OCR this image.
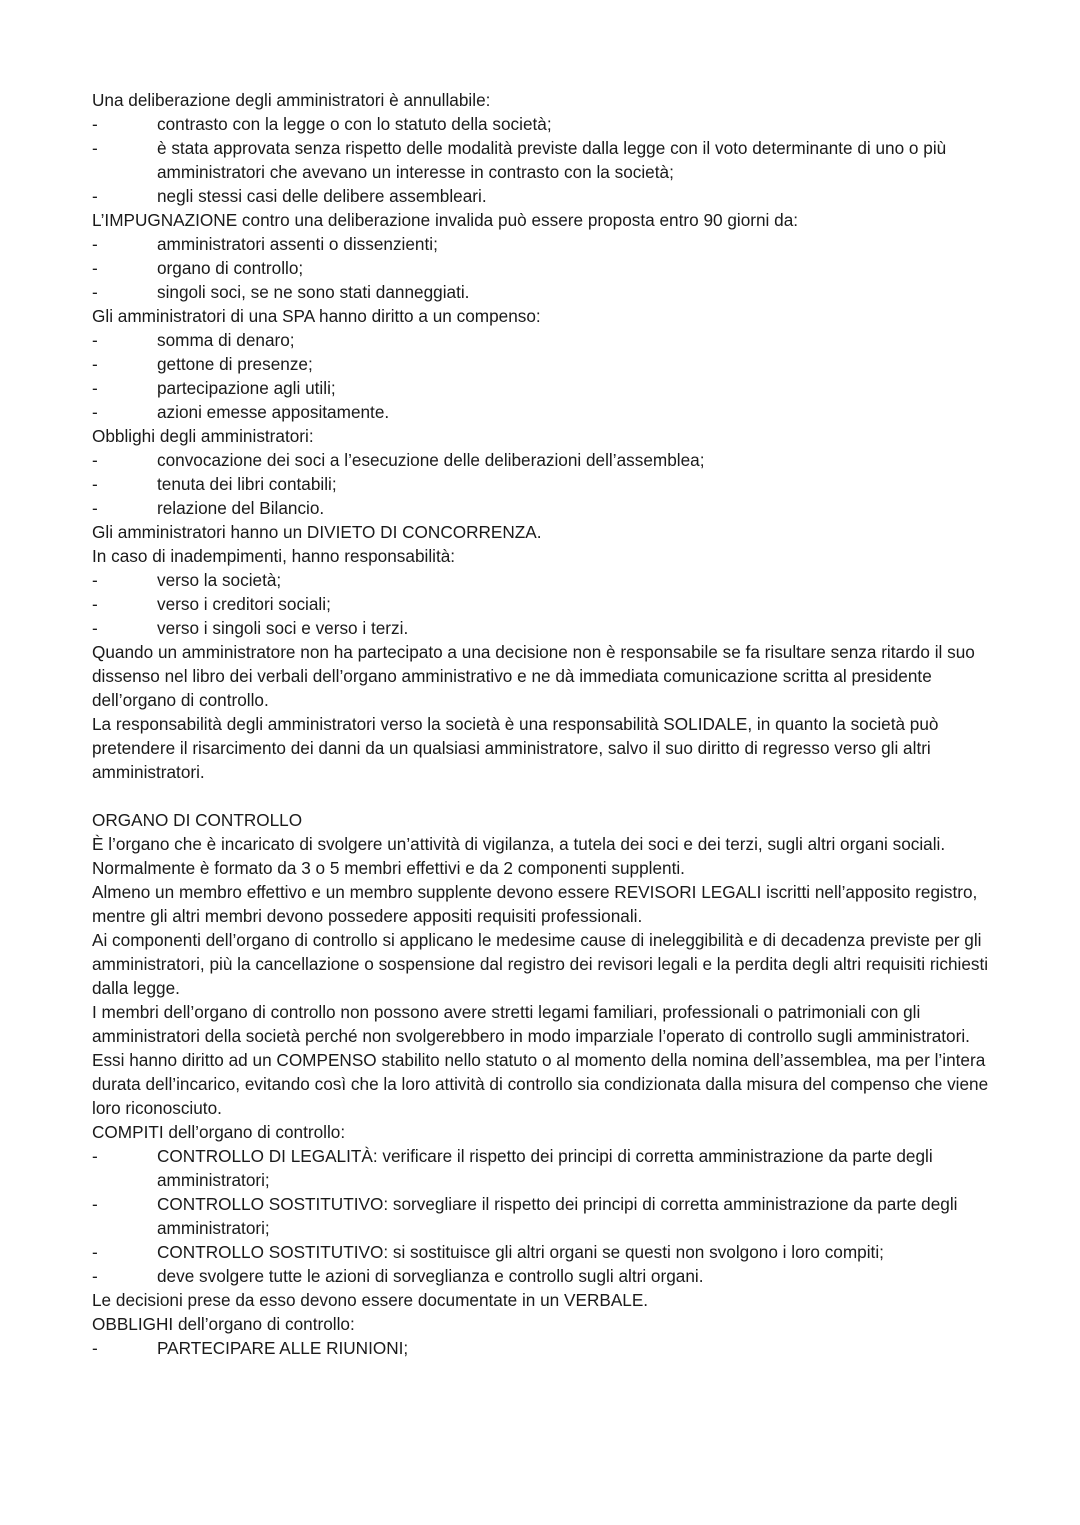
Una deliberazione degli amministratori è annullabile:
-	contrasto con la legge o con lo statuto della società;
-	è stata approvata senza rispetto delle modalità previste dalla legge con il voto determinante di uno o più amministratori che avevano un interesse in contrasto con la società;
-	negli stessi casi delle delibere assembleari.
L’IMPUGNAZIONE contro una deliberazione invalida può essere proposta entro 90 giorni da:
-	amministratori assenti o dissenzienti;
-	organo di controllo;
-	singoli soci, se ne sono stati danneggiati.
Gli amministratori di una SPA hanno diritto a un compenso:
-	somma di denaro;
-	gettone di presenze;
-	partecipazione agli utili;
-	azioni emesse appositamente.
Obblighi degli amministratori:
-	convocazione dei soci a l’esecuzione delle deliberazioni dell’assemblea;
-	tenuta dei libri contabili;
-	relazione del Bilancio.
Gli amministratori hanno un DIVIETO DI CONCORRENZA.
In caso di inadempimenti, hanno responsabilità:
-	verso la società;
-	verso i creditori sociali;
-	verso i singoli soci e verso i terzi.
Quando un amministratore non ha partecipato a una decisione non è responsabile se fa risultare senza ritardo il suo dissenso nel libro dei verbali dell’organo amministrativo e ne dà immediata comunicazione scritta al presidente dell’organo di controllo.
La responsabilità degli amministratori verso la società è una responsabilità SOLIDALE, in quanto la società può pretendere il risarcimento dei danni da un qualsiasi amministratore, salvo il suo diritto di regresso verso gli altri amministratori.
ORGANO DI CONTROLLO
È l’organo che è incaricato di svolgere un’attività di vigilanza, a tutela dei soci e dei terzi, sugli altri organi sociali.
Normalmente è formato da 3 o 5 membri effettivi e da 2 componenti supplenti.
Almeno un membro effettivo e un membro supplente devono essere REVISORI LEGALI iscritti nell’apposito registro, mentre gli altri membri devono possedere appositi requisiti professionali.
Ai componenti dell’organo di controllo si applicano le medesime cause di ineleggibilità e di decadenza previste per gli amministratori, più la cancellazione o sospensione dal registro dei revisori legali e la perdita degli altri requisiti richiesti dalla legge.
I membri dell’organo di controllo non possono avere stretti legami familiari, professionali o patrimoniali con gli amministratori della società perché non svolgerebbero in modo imparziale l’operato di controllo sugli amministratori.
Essi hanno diritto ad un COMPENSO stabilito nello statuto o al momento della nomina dell’assemblea, ma per l’intera durata dell’incarico, evitando così che la loro attività di controllo sia condizionata dalla misura del compenso che viene loro riconosciuto.
COMPITI dell’organo di controllo:
-	CONTROLLO DI LEGALITÀ: verificare il rispetto dei principi di corretta amministrazione da parte degli amministratori;
-	CONTROLLO SOSTITUTIVO: sorvegliare il rispetto dei principi di corretta amministrazione da parte degli amministratori;
-	CONTROLLO SOSTITUTIVO: si sostituisce gli altri organi se questi non svolgono i loro compiti;
-	deve svolgere tutte le azioni di sorveglianza e controllo sugli altri organi.
Le decisioni prese da esso devono essere documentate in un VERBALE.
OBBLIGHI dell’organo di controllo:
-	PARTECIPARE ALLE RIUNIONI;
